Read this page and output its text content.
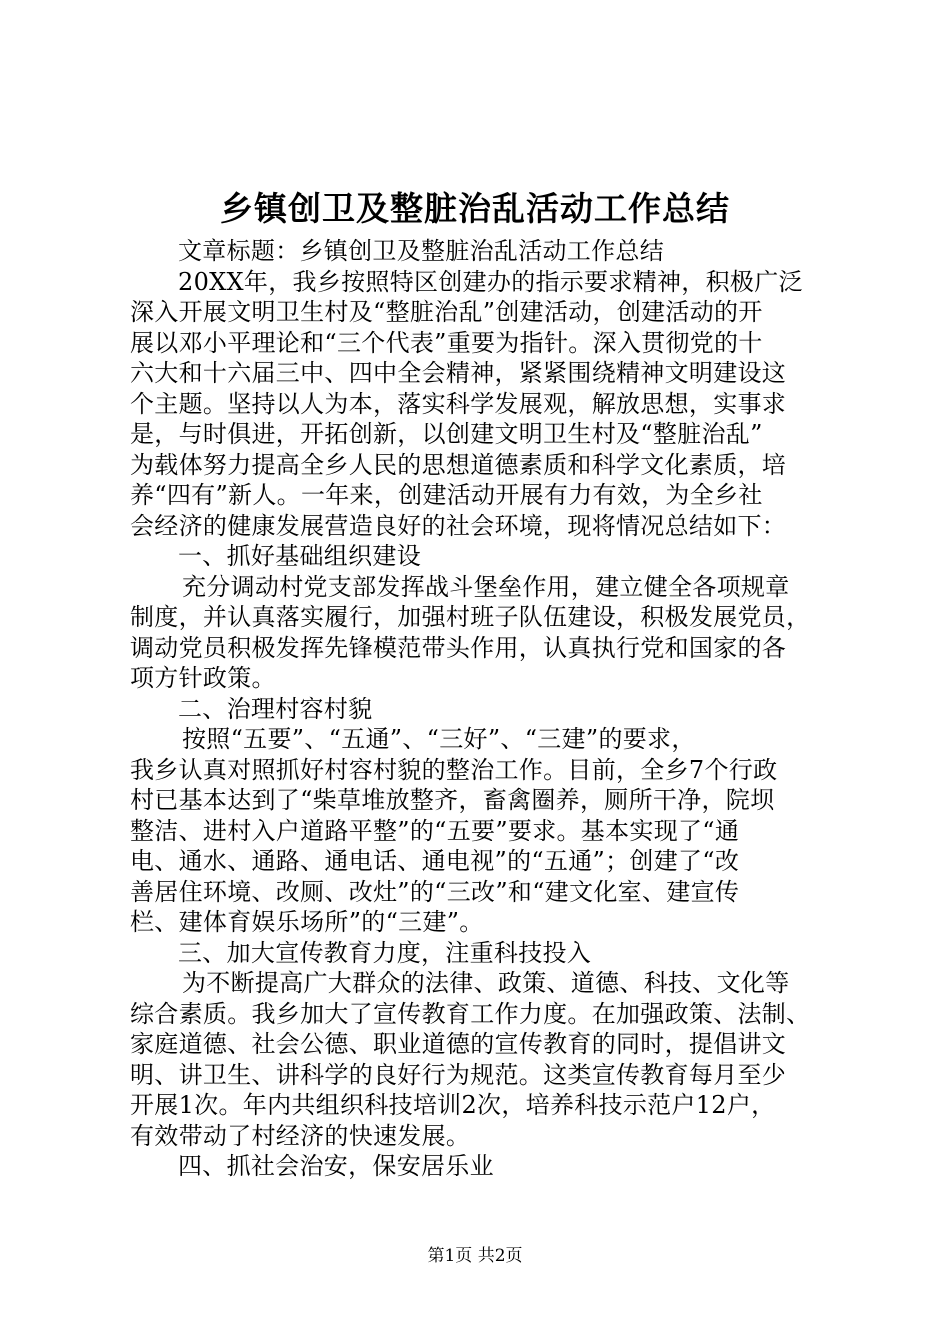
乡镇创卫及整脏治乱活动工作总结
文章标题：乡镇创卫及整脏治乱活动工作总结
20XX年，我乡按照特区创建办的指示要求精神，积极广泛
深入开展文明卫生村及“整脏治乱”创建活动，创建活动的开
展以邓小平理论和“三个代表”重要为指针。深入贯彻党的十
六大和十六届三中、四中全会精神，紧紧围绕精神文明建设这
个主题。坚持以人为本，落实科学发展观，解放思想，实事求
是，与时俱进，开拓创新，以创建文明卫生村及“整脏治乱”
为载体努力提高全乡人民的思想道德素质和科学文化素质，培
养“四有”新人。一年来，创建活动开展有力有效，为全乡社
会经济的健康发展营造良好的社会环境，现将情况总结如下：
一、抓好基础组织建设
充分调动村党支部发挥战斗堡垒作用，建立健全各项规章
制度，并认真落实履行，加强村班子队伍建设，积极发展党员，
调动党员积极发挥先锋模范带头作用，认真执行党和国家的各
项方针政策。
二、治理村容村貌
按照“五要”、“五通”、“三好”、“三建”的要求，
我乡认真对照抓好村容村貌的整治工作。目前，全乡7个行政
村已基本达到了“柴草堆放整齐，畜禽圈养，厕所干净，院坝
整洁、进村入户道路平整”的“五要”要求。基本实现了“通
电、通水、通路、通电话、通电视”的“五通”；创建了“改
善居住环境、改厕、改灶”的“三改”和“建文化室、建宣传
栏、建体育娱乐场所”的“三建”。
三、加大宣传教育力度，注重科技投入
为不断提高广大群众的法律、政策、道德、科技、文化等
综合素质。我乡加大了宣传教育工作力度。在加强政策、法制、
家庭道德、社会公德、职业道德的宣传教育的同时，提倡讲文
明、讲卫生、讲科学的良好行为规范。这类宣传教育每月至少
开展1次。年内共组织科技培训2次，培养科技示范户12户，
有效带动了村经济的快速发展。
四、抓社会治安，保安居乐业
第1页 共2页
